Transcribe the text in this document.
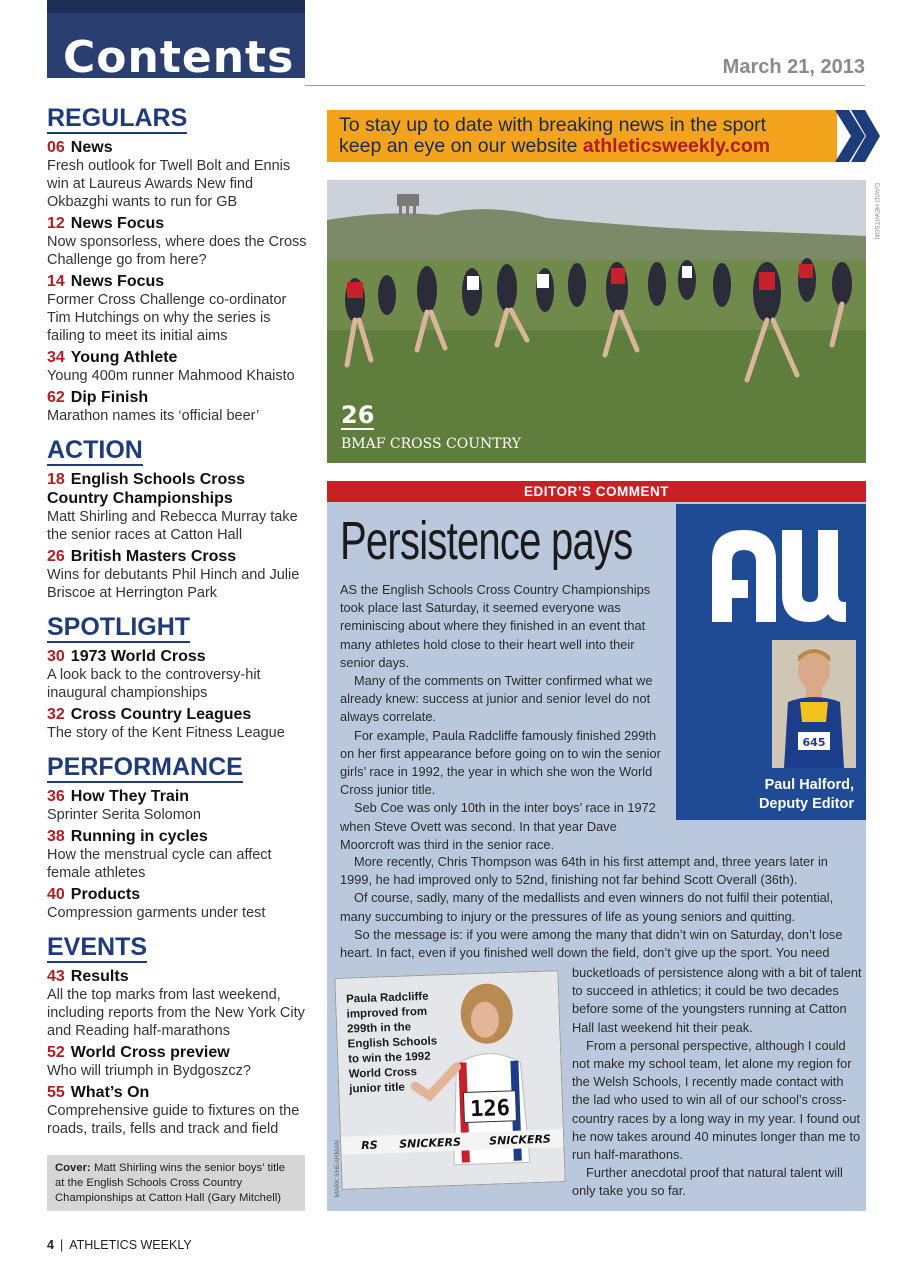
Contents	March 21, 2013
REGULARS
06 News
Fresh outlook for Twell Bolt and Ennis win at Laureus Awards New find Okbazghi wants to run for GB
12 News Focus
Now sponsorless, where does the Cross Challenge go from here?
14 News Focus
Former Cross Challenge co-ordinator Tim Hutchings on why the series is failing to meet its initial aims
34 Young Athlete
Young 400m runner Mahmood Khaisto
62 Dip Finish
Marathon names its ‘official beer’
ACTION
18 English Schools Cross Country Championships
Matt Shirling and Rebecca Murray take the senior races at Catton Hall
26 British Masters Cross
Wins for debutants Phil Hinch and Julie Briscoe at Herrington Park
SPOTLIGHT
30 1973 World Cross
A look back to the controversy-hit inaugural championships
32 Cross Country Leagues
The story of the Kent Fitness League
PERFORMANCE
36 How They Train
Sprinter Serita Solomon
38 Running in cycles
How the menstrual cycle can affect female athletes
40 Products
Compression garments under test
EVENTS
43 Results
All the top marks from last weekend, including reports from the New York City and Reading half-marathons
52 World Cross preview
Who will triumph in Bydgoszcz?
55 What’s On
Comprehensive guide to fixtures on the roads, trails, fells and track and field
Cover: Matt Shirling wins the senior boys’ title at the English Schools Cross Country Championships at Catton Hall (Gary Mitchell)
4 | ATHLETICS WEEKLY
To stay up to date with breaking news in the sport
keep an eye on our website athleticsweekly.com
26
BMAF CROSS COUNTRY
DAVID HEWITSON
EDITOR’S COMMENT
Persistence pays
AW
645
Paul Halford,
Deputy Editor

AS the English Schools Cross Country Championships took place last Saturday, it seemed everyone was reminiscing about where they finished in an event that many athletes hold close to their heart well into their senior days.

Many of the comments on Twitter confirmed what we already knew: success at junior and senior level do not always correlate.

For example, Paula Radcliffe famously finished 299th on her first appearance before going on to win the senior girls’ race in 1992, the year in which she won the World Cross junior title.

Seb Coe was only 10th in the inter boys’ race in 1972 when Steve Ovett was second. In that year Dave Moorcroft was third in the senior race.

More recently, Chris Thompson was 64th in his first attempt and, three years later in 1999, he had improved only to 52nd, finishing not far behind Scott Overall (36th).

Of course, sadly, many of the medallists and even winners do not fulfil their potential, many succumbing to injury or the pressures of life as young seniors and quitting.

So the message is: if you were among the many that didn’t win on Saturday, don’t lose heart. In fact, even if you finished well down the field, don’t give up the sport. You need

bucketloads of persistence along with a bit of talent to succeed in athletics; it could be two decades before some of the youngsters running at Catton Hall last weekend hit their peak.

From a personal perspective, although I could not make my school team, let alone my region for the Welsh Schools, I recently made contact with the lad who used to win all of our school’s cross-country races by a long way in my year. I found out he now takes around 40 minutes longer than me to run half-marathons.

Further anecdotal proof that natural talent will only take you so far.

126
RS SNICKERS	SNICKERS
Paula Radcliffe improved from 299th in the English Schools to win the 1992 World Cross junior title
MARK SHEARMAN
